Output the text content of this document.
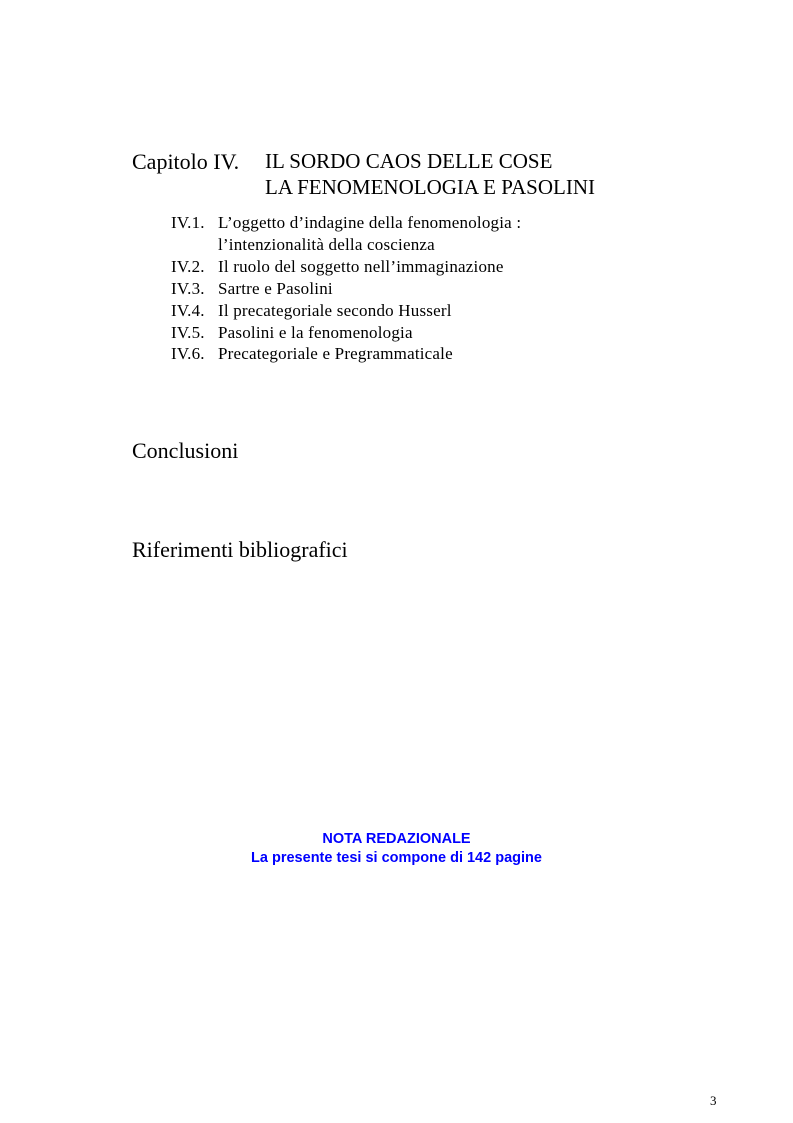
Capitolo IV. IL SORDO CAOS DELLE COSE
LA FENOMENOLOGIA E PASOLINI
IV.1. L’oggetto d’indagine della fenomenologia :
l’intenzionalità della coscienza
IV.2. Il ruolo del soggetto nell’immaginazione
IV.3. Sartre e Pasolini
IV.4. Il precategoriale secondo Husserl
IV.5. Pasolini e la fenomenologia
IV.6. Precategoriale e Pregrammaticale
Conclusioni
Riferimenti bibliografici
NOTA REDAZIONALE
La presente tesi si compone di 142 pagine
3
